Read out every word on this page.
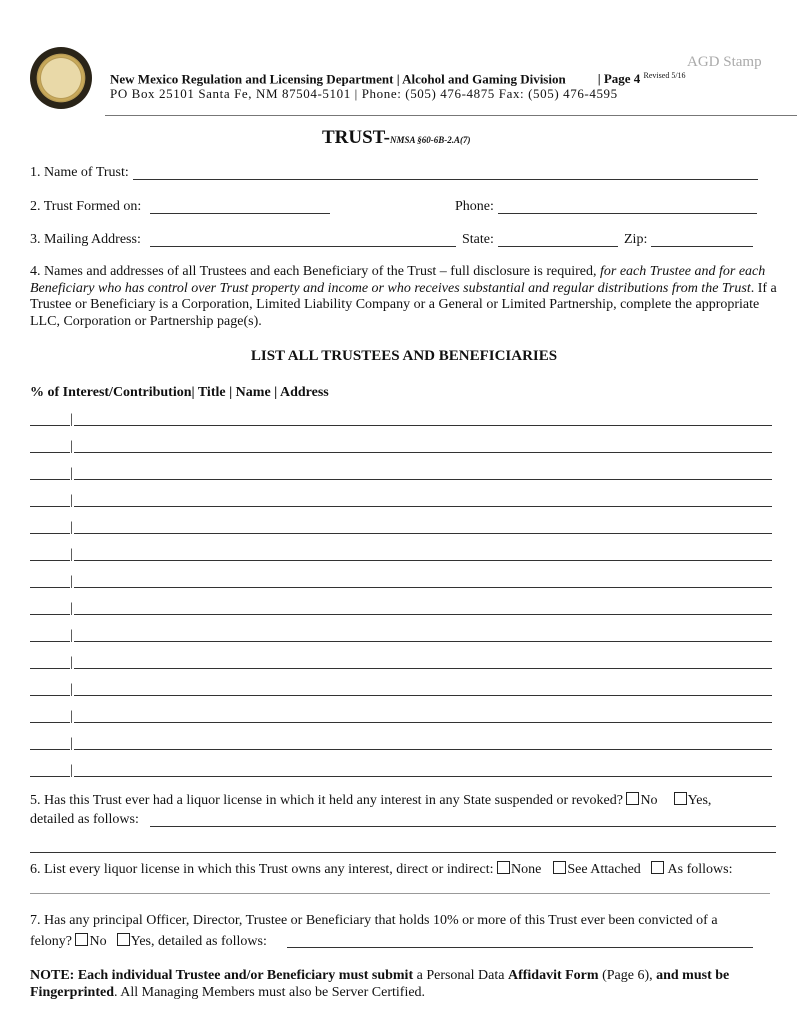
AGD Stamp
New Mexico Regulation and Licensing Department | Alcohol and Gaming Division | Page 4 $^{Revised 5/16}$
PO Box 25101 Santa Fe, NM 87504-5101 | Phone: (505) 476-4875 Fax: (505) 476-4595
TRUST-NMSA §60-6B-2.A(7)
1. Name of Trust:
2. Trust Formed on:	Phone:
3. Mailing Address:	State:	Zip:
4. Names and addresses of all Trustees and each Beneficiary of the Trust – full disclosure is required, for each Trustee and for each Beneficiary who has control over Trust property and income or who receives substantial and regular distributions from the Trust. If a Trustee or Beneficiary is a Corporation, Limited Liability Company or a General or Limited Partnership, complete the appropriate LLC, Corporation or Partnership page(s).
LIST ALL TRUSTEES AND BENEFICIARIES
% of Interest/Contribution| Title | Name | Address
|
|
|
|
|
|
|
|
|
|
|
|
|
|
5. Has this Trust ever had a liquor license in which it held any interest in any State suspended or revoked? No Yes,
detailed as follows:
6. List every liquor license in which this Trust owns any interest, direct or indirect: None See Attached As follows:
7. Has any principal Officer, Director, Trustee or Beneficiary that holds 10% or more of this Trust ever been convicted of a
felony? No Yes, detailed as follows:
NOTE: Each individual Trustee and/or Beneficiary must submit a Personal Data Affidavit Form (Page 6), and must be Fingerprinted. All Managing Members must also be Server Certified.
